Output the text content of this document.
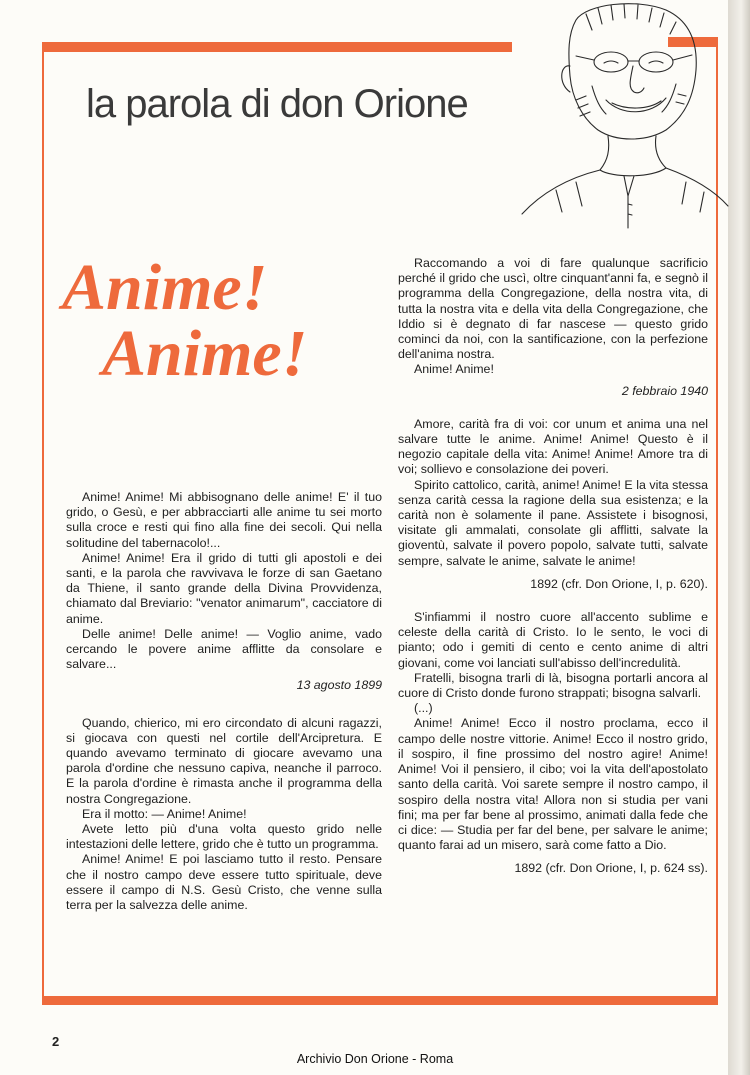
la parola di don Orione
Anime!
Anime!

Anime! Anime! Mi abbisognano delle anime! E' il tuo grido, o Gesù, e per abbracciarti alle anime tu sei morto sulla croce e resti qui fino alla fine dei secoli. Qui nella solitudine del tabernacolo!...

Anime! Anime! Era il grido di tutti gli apostoli e dei santi, e la parola che ravvivava le forze di san Gaetano da Thiene, il santo grande della Divina Provvidenza, chiamato dal Breviario: "venator animarum", cacciatore di anime.

Delle anime! Delle anime! — Voglio anime, vado cercando le povere anime afflitte da consolare e salvare...

13 agosto 1899

Quando, chierico, mi ero circondato di alcuni ragazzi, si giocava con questi nel cortile dell'Arcipretura. E quando avevamo terminato di giocare avevamo una parola d'ordine che nessuno capiva, neanche il parroco. E la parola d'ordine è rimasta anche il programma della nostra Congregazione.

Era il motto: — Anime! Anime!

Avete letto più d'una volta questo grido nelle intestazioni delle lettere, grido che è tutto un programma.

Anime! Anime! E poi lasciamo tutto il resto. Pensare che il nostro campo deve essere tutto spirituale, deve essere il campo di N.S. Gesù Cristo, che venne sulla terra per la salvezza delle anime.

Raccomando a voi di fare qualunque sacrificio perché il grido che uscì, oltre cinquant'anni fa, e segnò il programma della Congregazione, della nostra vita, di tutta la nostra vita e della vita della Congregazione, che Iddio si è degnato di far nascese — questo grido cominci da noi, con la santificazione, con la perfezione dell'anima nostra.

Anime! Anime!

2 febbraio 1940

Amore, carità fra di voi: cor unum et anima una nel salvare tutte le anime. Anime! Anime! Questo è il negozio capitale della vita: Anime! Anime! Amore tra di voi; sollievo e consolazione dei poveri.

Spirito cattolico, carità, anime! Anime! E la vita stessa senza carità cessa la ragione della sua esistenza; e la carità non è solamente il pane. Assistete i bisognosi, visitate gli ammalati, consolate gli afflitti, salvate la gioventù, salvate il povero popolo, salvate tutti, salvate sempre, salvate le anime, salvate le anime!

1892 (cfr. Don Orione, I, p. 620).

S'infiammi il nostro cuore all'accento sublime e celeste della carità di Cristo. Io le sento, le voci di pianto; odo i gemiti di cento e cento anime di altri giovani, come voi lanciati sull'abisso dell'incredulità.

Fratelli, bisogna trarli di là, bisogna portarli ancora al cuore di Cristo donde furono strappati; bisogna salvarli.

(...)

Anime! Anime! Ecco il nostro proclama, ecco il campo delle nostre vittorie. Anime! Ecco il nostro grido, il sospiro, il fine prossimo del nostro agire! Anime! Anime! Voi il pensiero, il cibo; voi la vita dell'apostolato santo della carità. Voi sarete sempre il nostro campo, il sospiro della nostra vita! Allora non si studia per vani fini; ma per far bene al prossimo, animati dalla fede che ci dice: — Studia per far del bene, per salvare le anime; quanto farai ad un misero, sarà come fatto a Dio.

1892 (cfr. Don Orione, I, p. 624 ss).
2
Archivio Don Orione - Roma
